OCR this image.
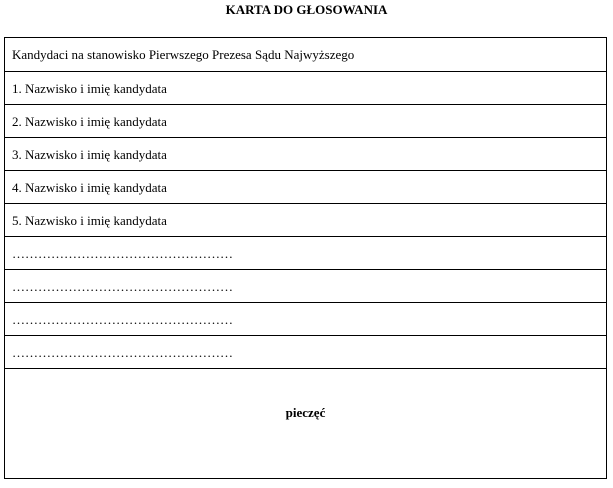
KARTA DO GŁOSOWANIA
Kandydaci na stanowisko Pierwszego Prezesa Sądu Najwyższego
1. Nazwisko i imię kandydata
2. Nazwisko i imię kandydata
3. Nazwisko i imię kandydata
4. Nazwisko i imię kandydata
5. Nazwisko i imię kandydata
……………………………………………
……………………………………………
……………………………………………
……………………………………………
pieczęć
